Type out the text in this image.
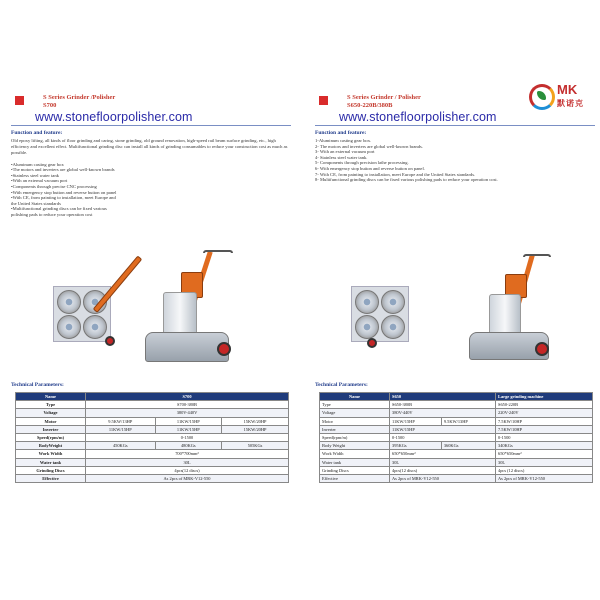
S Series Grinder /Polisher
S700
www.stonefloorpolisher.com
Function and feature:

Old epoxy lifting, all kinds of floor grinding and caring, stone grinding, old ground renovation, high-speed rail beam surface grinding, etc., high efficiency and excellent effect. Multifunctional grinding disc can install all kinds of grinding consumables to reduce your construction cost as much as possible.

•Aluminum casting gear box
•The motors and inverters are global well-known brands
•Stainless steel water tank
•With an external vacuum port
•Components through precise CNC processing
•With emergency stop button and reverse button on panel
•With CE, from painting to installation, meet Europe and
the United States standards
•Multifunctional grinding discs can be fixed various
polishing pads to reduce your operation cost
Technical Parameters:
Name	S700		
Type	S700-380B		
Voltage	380V-440V		
Motor	9.5KW/13HP	11KW/15HP	15KW/20HP
Inverter	11KW/15HP	11KW/15HP	15KW/20HP
Speed(rpm/m)	0-1500		
BodyWeight	450KGs	480KGs	505KGs
Work Width	700*700mm²		
Water tank	30L		
Grinding Discs	4pcs(12 discs)		
Effective	As 2pcs of MRK-V12-550		
S Series Grinder / Polisher
S650-220B/380B
MK
默诺克
www.stonefloorpolisher.com
Function and feature:
1-Aluminum casting gear box.
2- The motors and inverters are global well-known brands.
3- With an external vacuum port
4- Stainless steel water tank.
5- Components through precision lathe processing.
6- With emergency stop button and reverse button on panel.
7- With CE, from painting to installation, meet Europe and the United States standards.
8- Multifunctional grinding discs can be fixed various polishing pads to reduce your operation cost.
Technical Parameters:
Name	S650		Large grinding machine
Type	S650-380B		S650-220B
Voltage	380V-440V		220V-240V
Motor	11KW/15HP	9.5KW/13HP	7.5KW/10HP
Inverter	11KW/15HP		7.5KW/10HP
Speed(rpm/m)	0-1500		0-1500
Body Weight	395KGs	360KGs	340KGs
Work Width	650*650mm²		650*650mm²
Water tank	30L		30L
Grinding Discs	4pcs(12 discs)		4pcs (12 discs)
Effective	As 2pcs of MRK-V12-550		As 2pcs of MRK-V12-550
